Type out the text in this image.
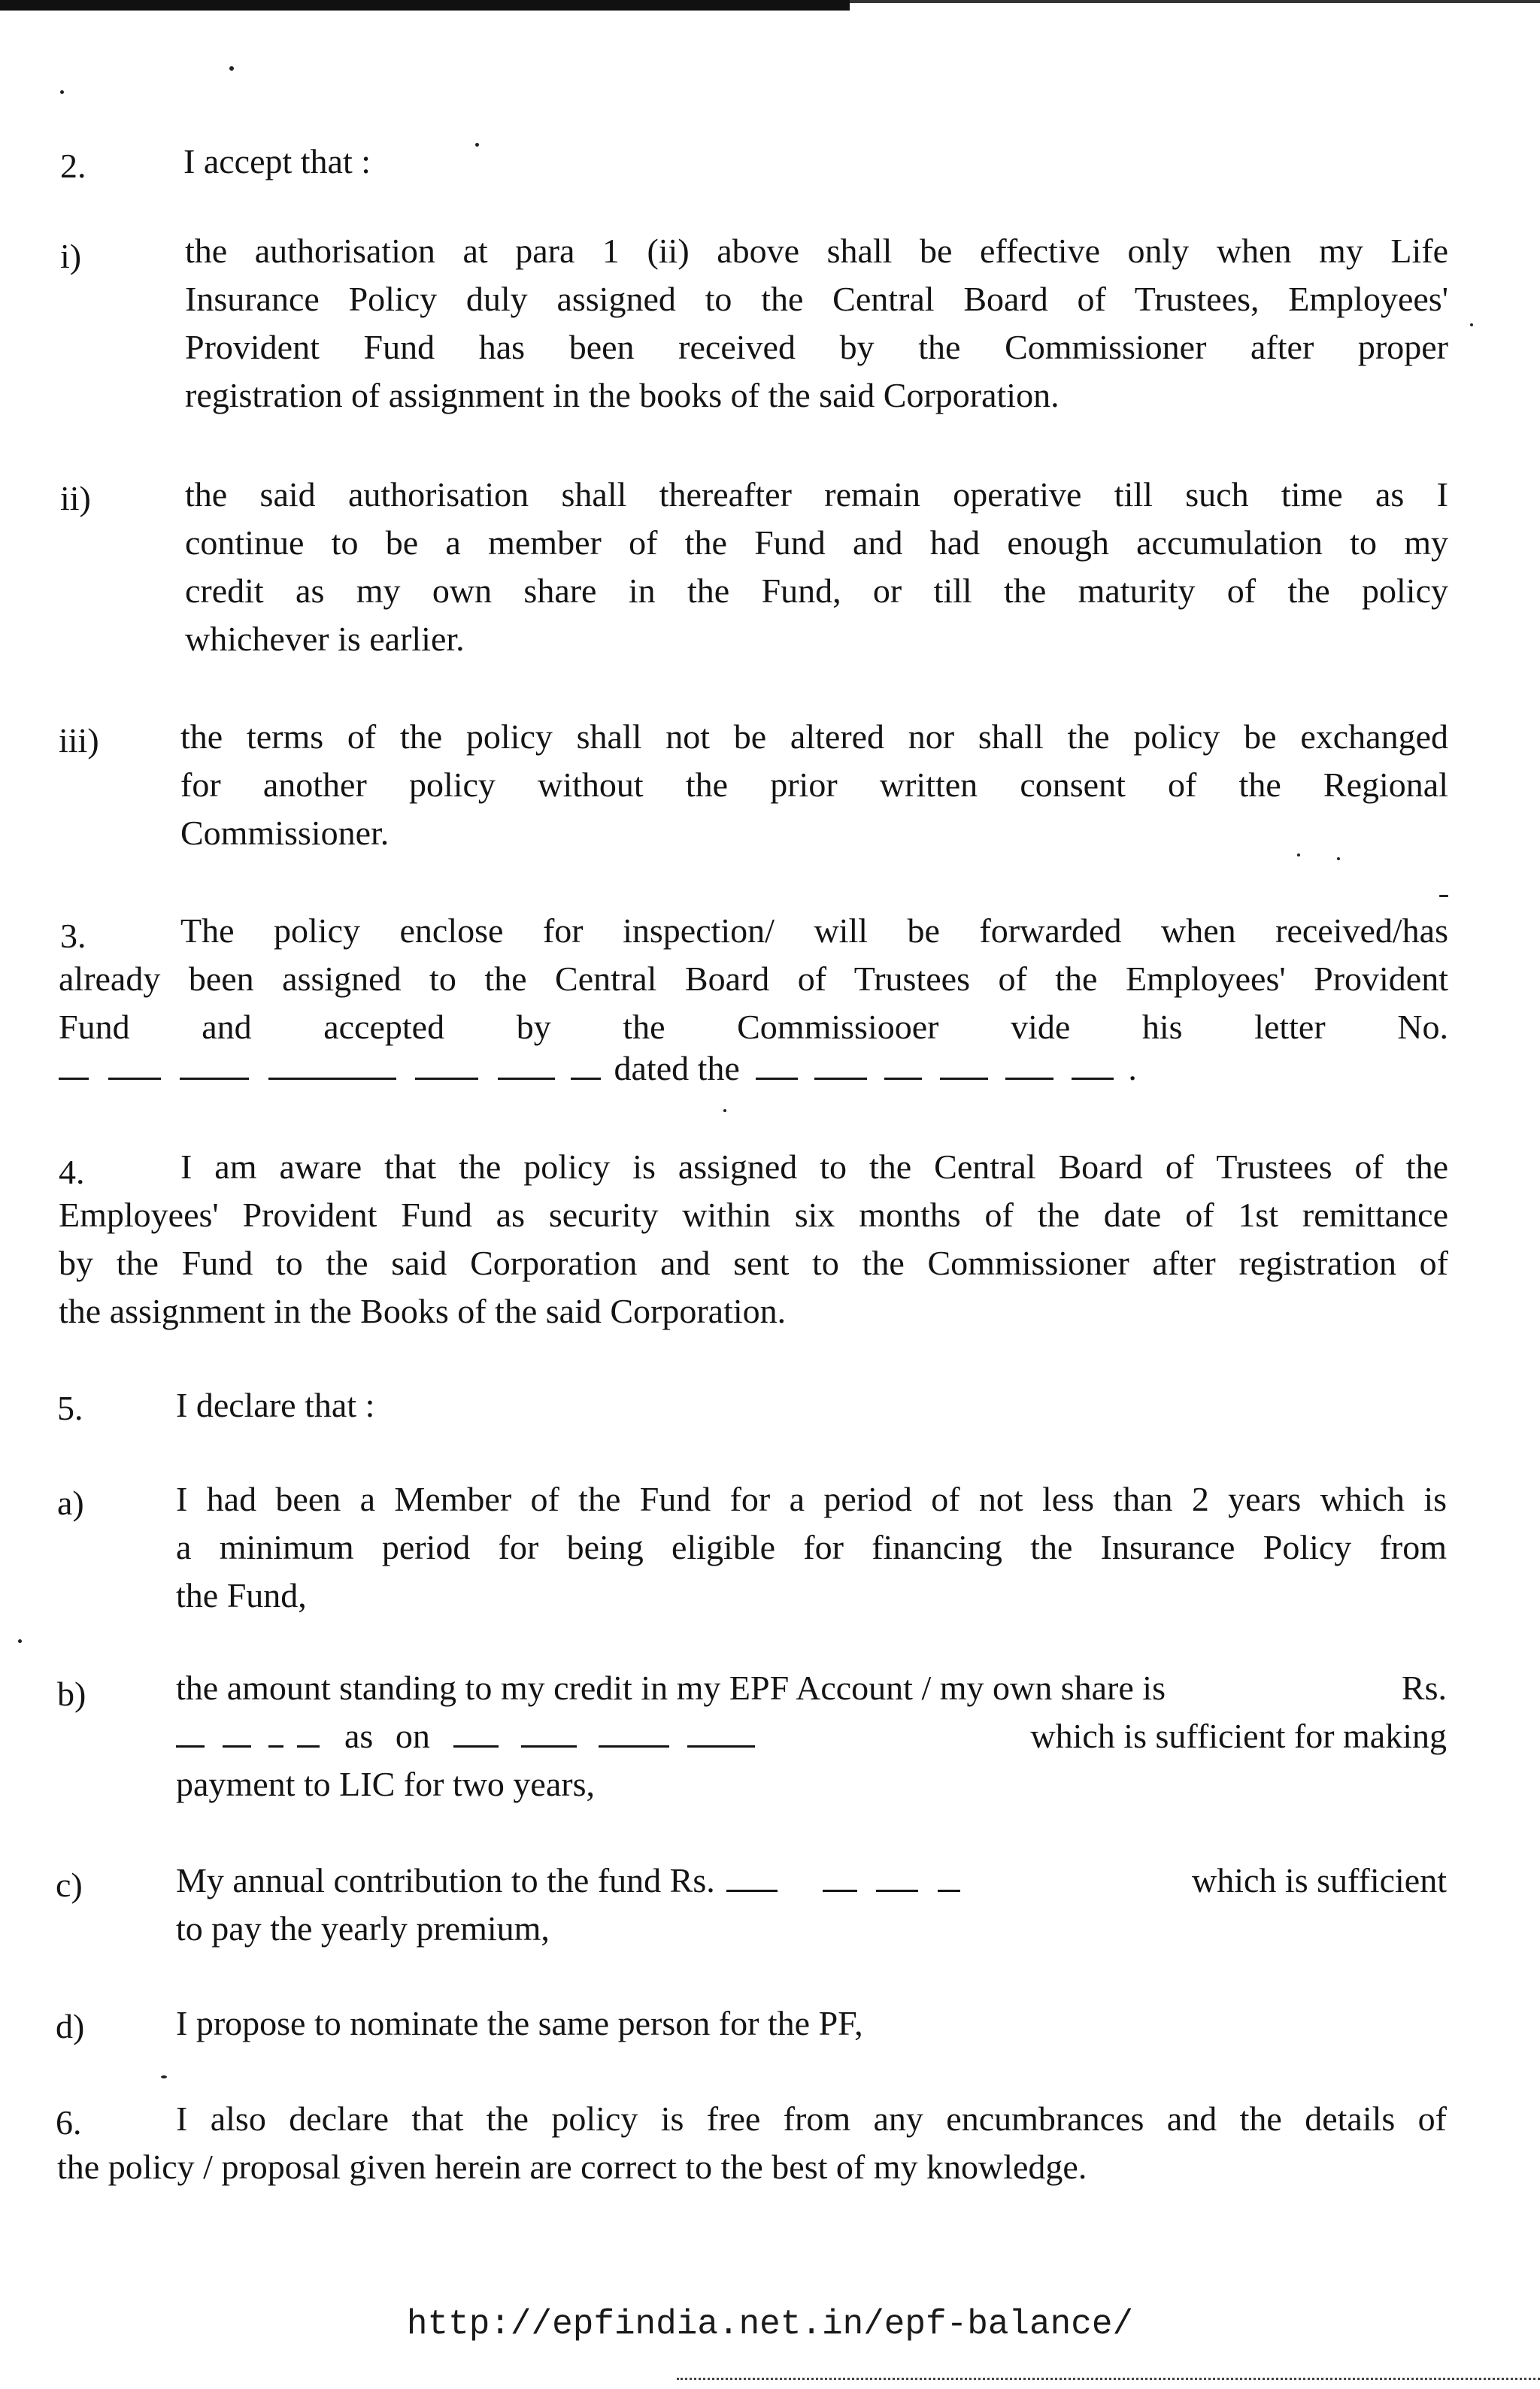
2.	I accept that :
i)	the authorisation at para 1 (ii) above shall be effective only when my Life
Insurance Policy duly assigned to the Central Board of Trustees, Employees'
Provident Fund has been received by the Commissioner after proper
registration of assignment in the books of the said Corporation.
ii)	the said authorisation shall thereafter remain operative till such time as I
continue to be a member of the Fund and had enough accumulation to my
credit as my own share in the Fund, or till the maturity of the policy
whichever is earlier.
iii) the terms of the policy shall not be altered nor shall the policy be exchanged
for another policy without the prior written consent of the Regional
Commissioner.
3.	The policy enclose for inspection/ will be forwarded when received/has
already been assigned to the Central Board of Trustees of the Employees' Provident
Fund and accepted by the Commissiooer vide his letter No.
dated the	.
4.	I am aware that the policy is assigned to the Central Board of Trustees of the
Employees' Provident Fund as security within six months of the date of 1st remittance
by the Fund to the said Corporation and sent to the Commissioner after registration of
the assignment in the Books of the said Corporation.
5.	I declare that :
a)	I had been a Member of the Fund for a period of not less than 2 years which is
a minimum period for being eligible for financing the Insurance Policy from
the Fund,
b)	the amount standing to my credit in my EPF Account / my own share is	Rs.
as on	which is sufficient for making
payment to LIC for two years,
c)	My annual contribution to the fund Rs.	which is sufficient
to pay the yearly premium,
d)	I propose to nominate the same person for the PF,
6.	I also declare that the policy is free from any encumbrances and the details of
the policy / proposal given herein are correct to the best of my knowledge.
http://epfindia.net.in/epf-balance/
